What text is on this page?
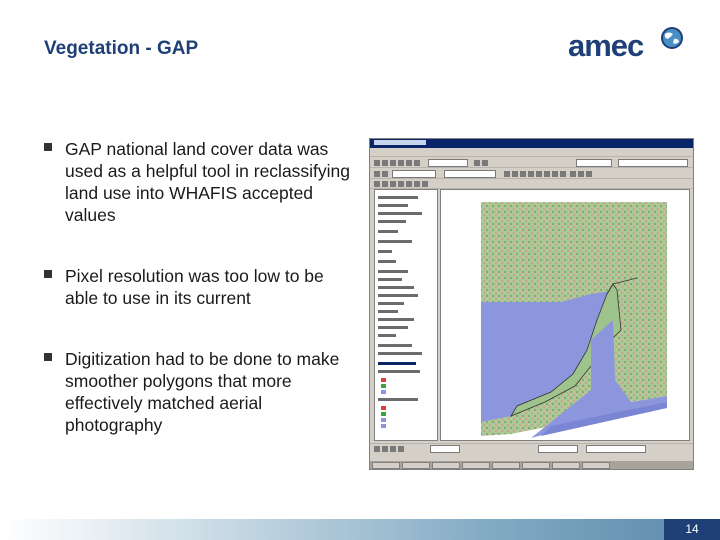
Vegetation - GAP	amec
GAP national land cover data was used as a helpful tool in reclassifying land use into WHAFIS accepted values
Pixel resolution was too low to be able to use in its current
Digitization had to be done to make smoother polygons that more effectively matched aerial photography
14
